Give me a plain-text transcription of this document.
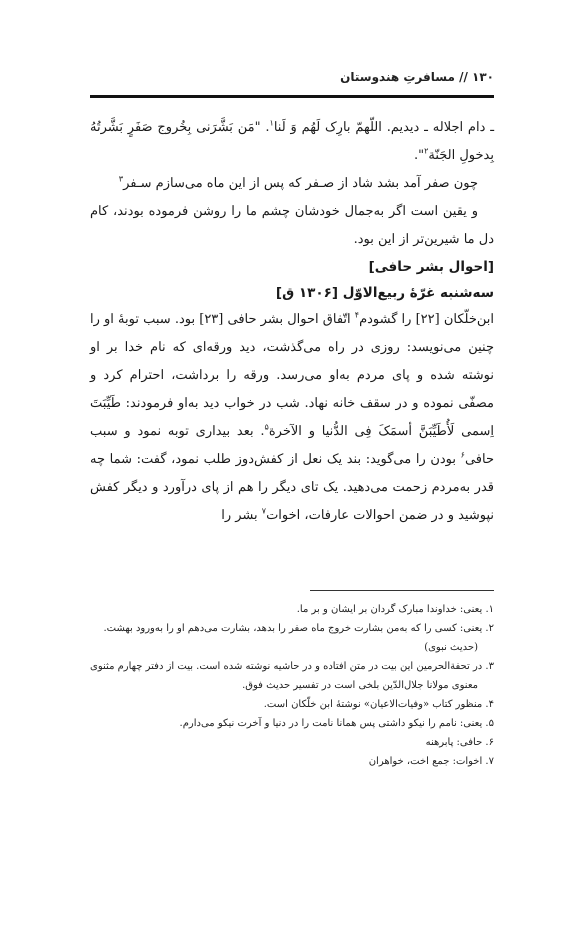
۱۳۰ // مسافرتِ هندوستان

ـ دام اجلاله ـ دیدیم. اللّهمّ بارِک لَهُم وَ لَنا$^۱$. "مَن بَشَّرَنی بِخُروج صَفَرٍ بَشَّرتُهُ بِدخولِ الجَنّة$^۲$".

چون صفر آمد بشد شاد از صـفر که پس از این ماه می‌سازم سـفر$^۳$

و یقین است اگر به‌جمال خودشان چشم ما را روشن فرموده بودند، کام دل ما شیرین‌تر از این بود.

[احوال بشر حافی]

سه‌شنبه غرّهٔ ربیع‌الاوّل [۱۳۰۶ ق]

ابن‌خلّکان [۲۲] را گشودم$^۴$ اتّفاق احوال بشر حافی [۲۳] بود. سبب توبهٔ او را چنین می‌نویسد: روزی در راه می‌گذشت، دید ورقه‌ای که نام خدا بر او نوشته شده و پای مردم به‌او می‌رسد. ورقه را برداشت، احترام کرد و مصفّی نموده و در سقف خانه نهاد. شب در خواب دید به‌او فرمودند: طَیِّبَتَ اِسمی لَأُطَیِّبَنَّ أسمَکَ فِی الدُّنیا و الآخرة$^۵$. بعد بیداری توبه نمود و سبب حافی$^۶$ بودن را می‌گوید: بند یک نعل از کفش‌دوز طلب نمود، گفت: شما چه قدر به‌مردم زحمت می‌دهید. یک تای دیگر را هم از پای درآورد و دیگر کفش نپوشید و در ضمن احوالات عارفات، اخوات$^۷$ بشر را

۱. یعنی: خداوندا مبارک گردان بر ایشان و بر ما.

۲. یعنی: کسی را که به‌من بشارت خروج ماه صفر را بدهد، بشارت می‌دهم او را به‌ورود بهشت. (حدیث نبوی)

۳. در تحفة‌الحرمین این بیت در متن افتاده و در حاشیه نوشته شده است. بیت از دفتر چهارم مثنوی معنوی مولانا جلال‌الدّین بلخی است در تفسیر حدیث فوق.

۴. منظور کتاب «وفیات‌الاعیان» نوشتهٔ ابن خلّکان است.

۵. یعنی: نامم را نیکو داشتی پس همانا نامت را در دنیا و آخرت نیکو می‌دارم.

۶. حافی: پابرهنه

۷. اخوات: جمع اخت، خواهران
